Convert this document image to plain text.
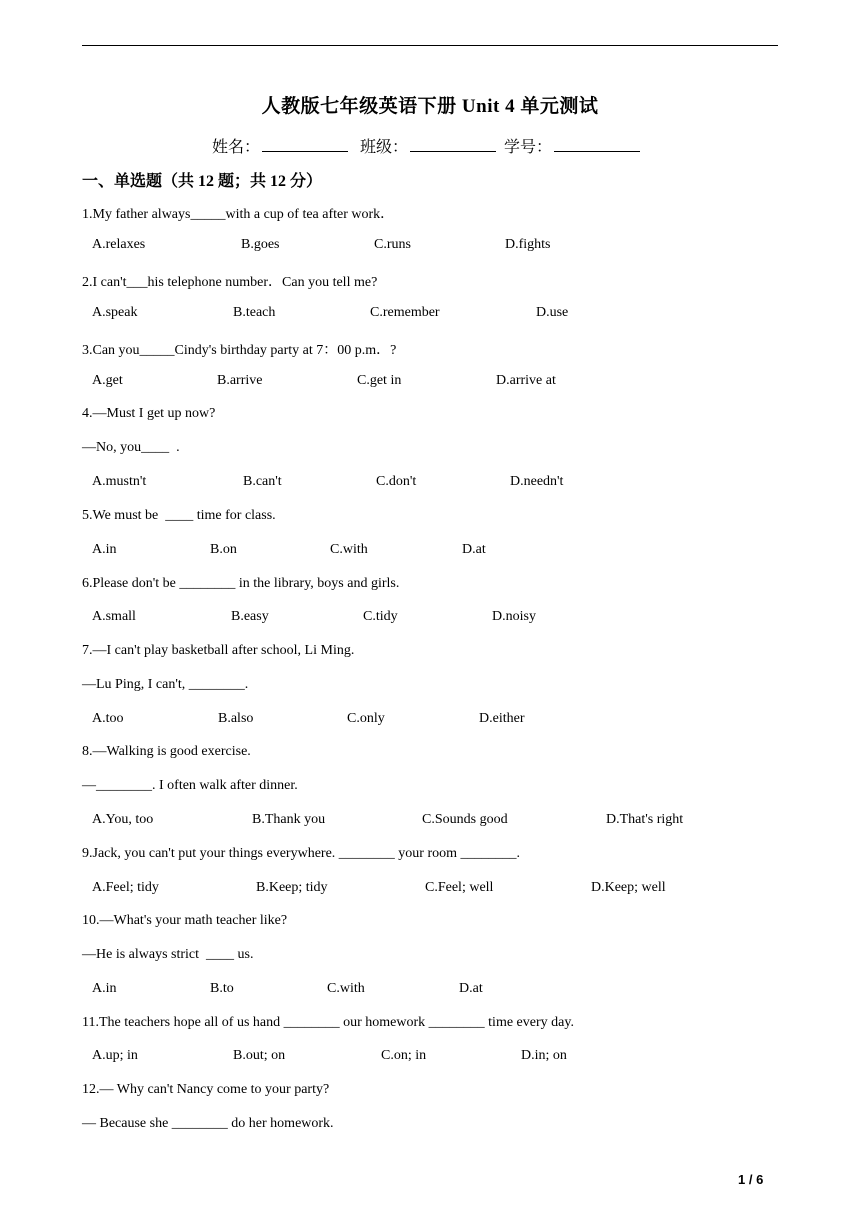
人教版七年级英语下册 Unit 4 单元测试
姓名：	班级：	学号：
一、单选题（共 12 题；共 12 分）
1.My father always_____with a cup of tea after work．
A.relaxes	B.goes	C.runs	D.fights
2.I can't___his telephone number．Can you tell me?
A.speak	B.teach	C.remember	D.use
3.Can you_____Cindy's birthday party at 7：00 p.m．?
A.get	B.arrive	C.get in	D.arrive at
4.—Must I get up now?
—No, you____  .
A.mustn't	B.can't	C.don't	D.needn't
5.We must be  ____ time for class.
A.in	B.on	C.with	D.at
6.Please don't be ________ in the library, boys and girls.
A.small	B.easy	C.tidy	D.noisy
7.—I can't play basketball after school, Li Ming.
—Lu Ping, I can't, ________.
A.too	B.also	C.only	D.either
8.—Walking is good exercise.
—________. I often walk after dinner.
A.You, too	B.Thank you	C.Sounds good	D.That's right
9.Jack, you can't put your things everywhere. ________ your room ________.
A.Feel; tidy	B.Keep; tidy	C.Feel; well	D.Keep; well
10.—What's your math teacher like?
—He is always strict  ____ us.
A.in	B.to	C.with	D.at
11.The teachers hope all of us hand ________ our homework ________ time every day.
A.up; in	B.out; on	C.on; in	D.in; on
12.— Why can't Nancy come to your party?
— Because she ________ do her homework.
1 / 6
